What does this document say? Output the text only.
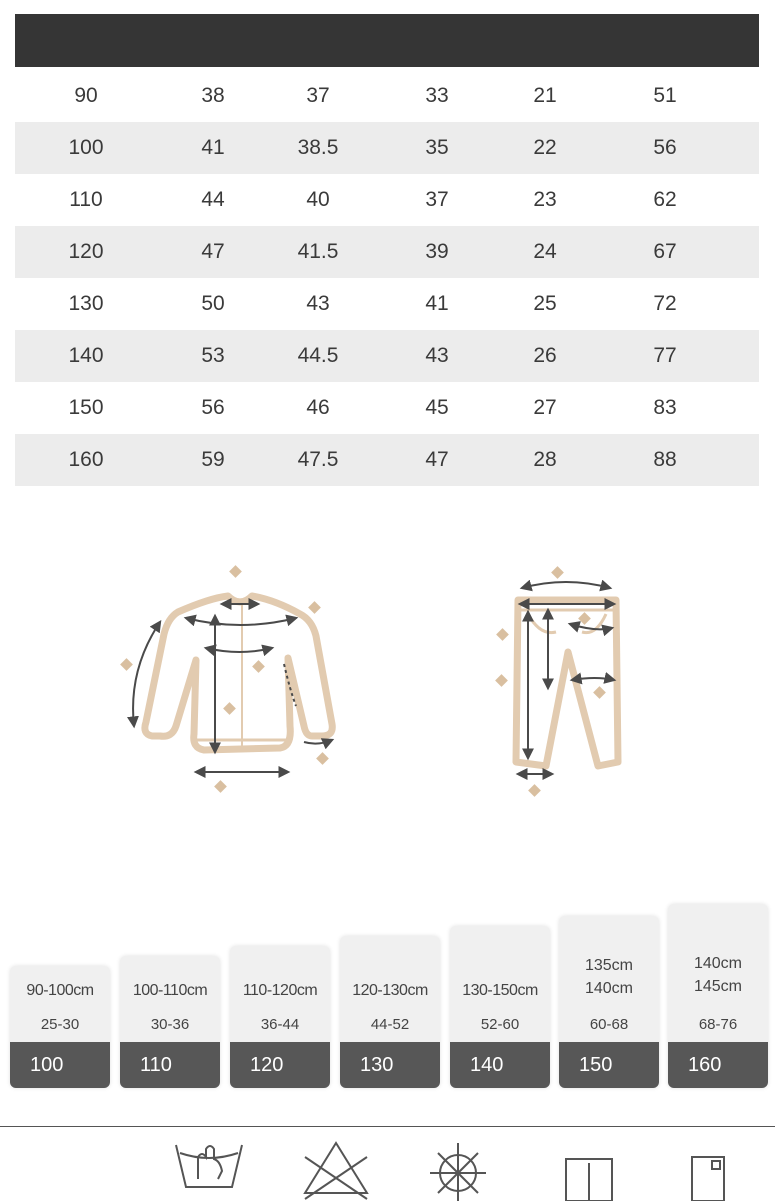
90	38	37	33	21	51
100	41	38.5	35	22	56
110	44	40	37	23	62
120	47	41.5	39	24	67
130	50	43	41	25	72
140	53	44.5	43	26	77
150	56	46	45	27	83
160	59	47.5	47	28	88
90-100cm
25-30
100
100-110cm
30-36
110
110-120cm
36-44
120
120-130cm
44-52
130
130-150cm
52-60
140
135cm
140cm
60-68
150
140cm
145cm
68-76
160
